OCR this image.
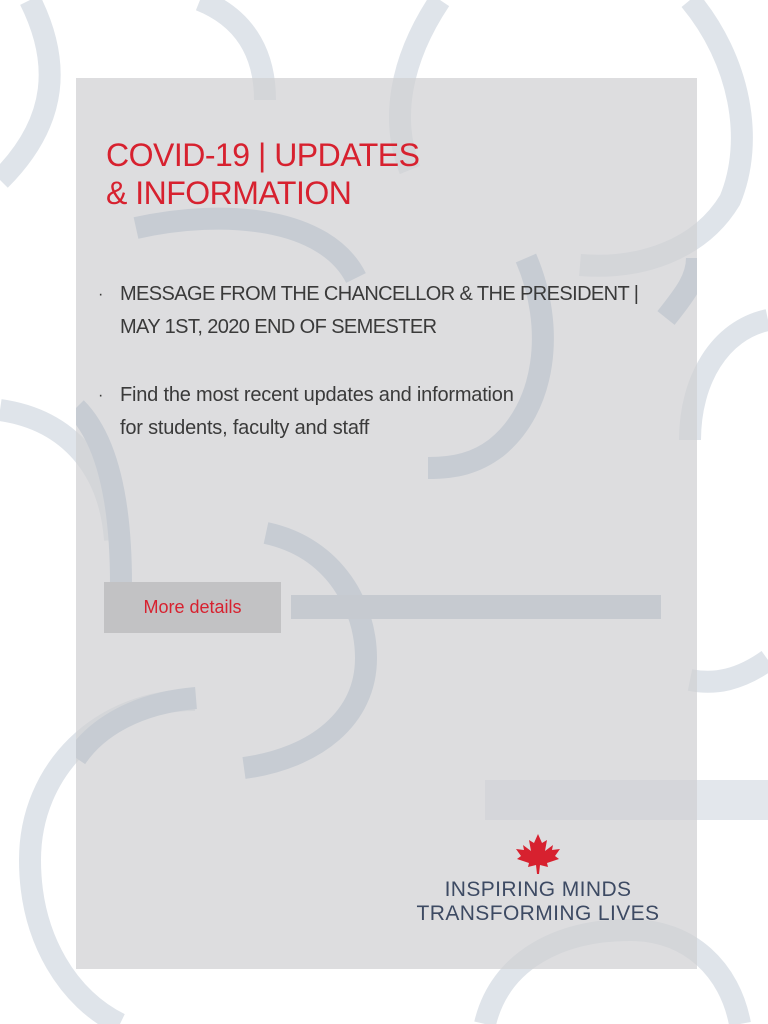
COVID-19 | UPDATES
& INFORMATION
· MESSAGE FROM THE CHANCELLOR & THE PRESIDENT |
MAY 1ST, 2020 END OF SEMESTER
· Find the most recent updates and information
for students, faculty and staff
More details
INSPIRING MINDS
TRANSFORMING LIVES
